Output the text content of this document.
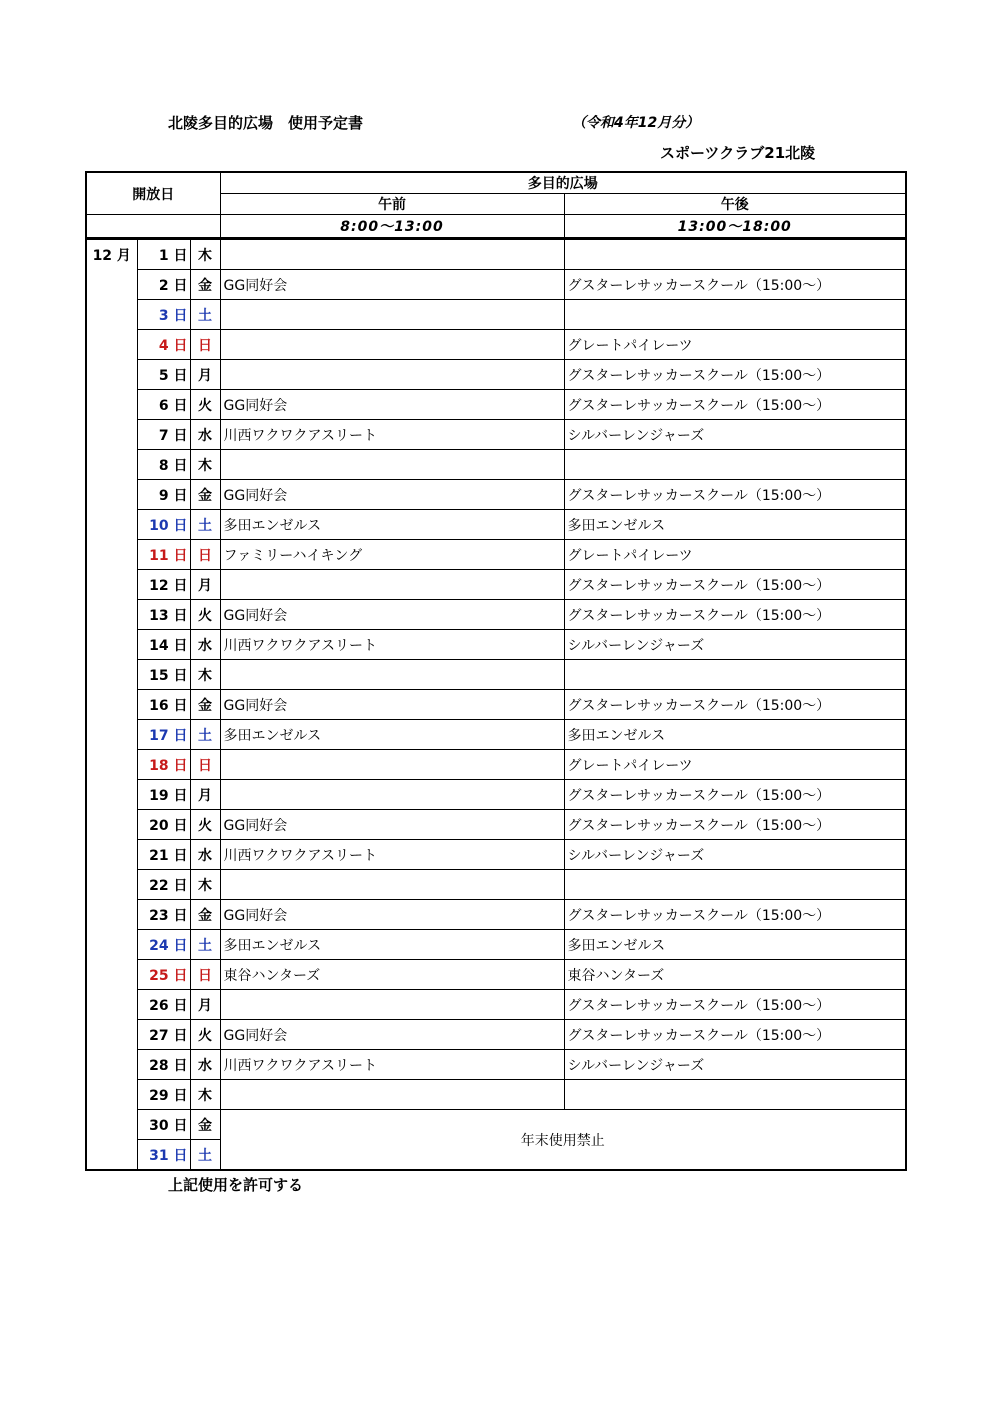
北陵多目的広場　使用予定書	（令和4年12月分）
スポーツクラブ21北陵
開放日			多目的広場	
			午前	午後
			8:00～13:00	13:00～18:00
12 月	1 日	木		
	2 日	金	GG同好会	グスターレサッカースクール（15:00～）
	3 日	土		
	4 日	日		グレートパイレーツ
	5 日	月		グスターレサッカースクール（15:00～）
	6 日	火	GG同好会	グスターレサッカースクール（15:00～）
	7 日	水	川西ワクワクアスリート	シルバーレンジャーズ
	8 日	木		
	9 日	金	GG同好会	グスターレサッカースクール（15:00～）
	10 日	土	多田エンゼルス	多田エンゼルス
	11 日	日	ファミリーハイキング	グレートパイレーツ
	12 日	月		グスターレサッカースクール（15:00～）
	13 日	火	GG同好会	グスターレサッカースクール（15:00～）
	14 日	水	川西ワクワクアスリート	シルバーレンジャーズ
	15 日	木		
	16 日	金	GG同好会	グスターレサッカースクール（15:00～）
	17 日	土	多田エンゼルス	多田エンゼルス
	18 日	日		グレートパイレーツ
	19 日	月		グスターレサッカースクール（15:00～）
	20 日	火	GG同好会	グスターレサッカースクール（15:00～）
	21 日	水	川西ワクワクアスリート	シルバーレンジャーズ
	22 日	木		
	23 日	金	GG同好会	グスターレサッカースクール（15:00～）
	24 日	土	多田エンゼルス	多田エンゼルス
	25 日	日	東谷ハンターズ	東谷ハンターズ
	26 日	月		グスターレサッカースクール（15:00～）
	27 日	火	GG同好会	グスターレサッカースクール（15:00～）
	28 日	水	川西ワクワクアスリート	シルバーレンジャーズ
	29 日	木		
	30 日	金	年末使用禁止	
	31 日	土		
上記使用を許可する
